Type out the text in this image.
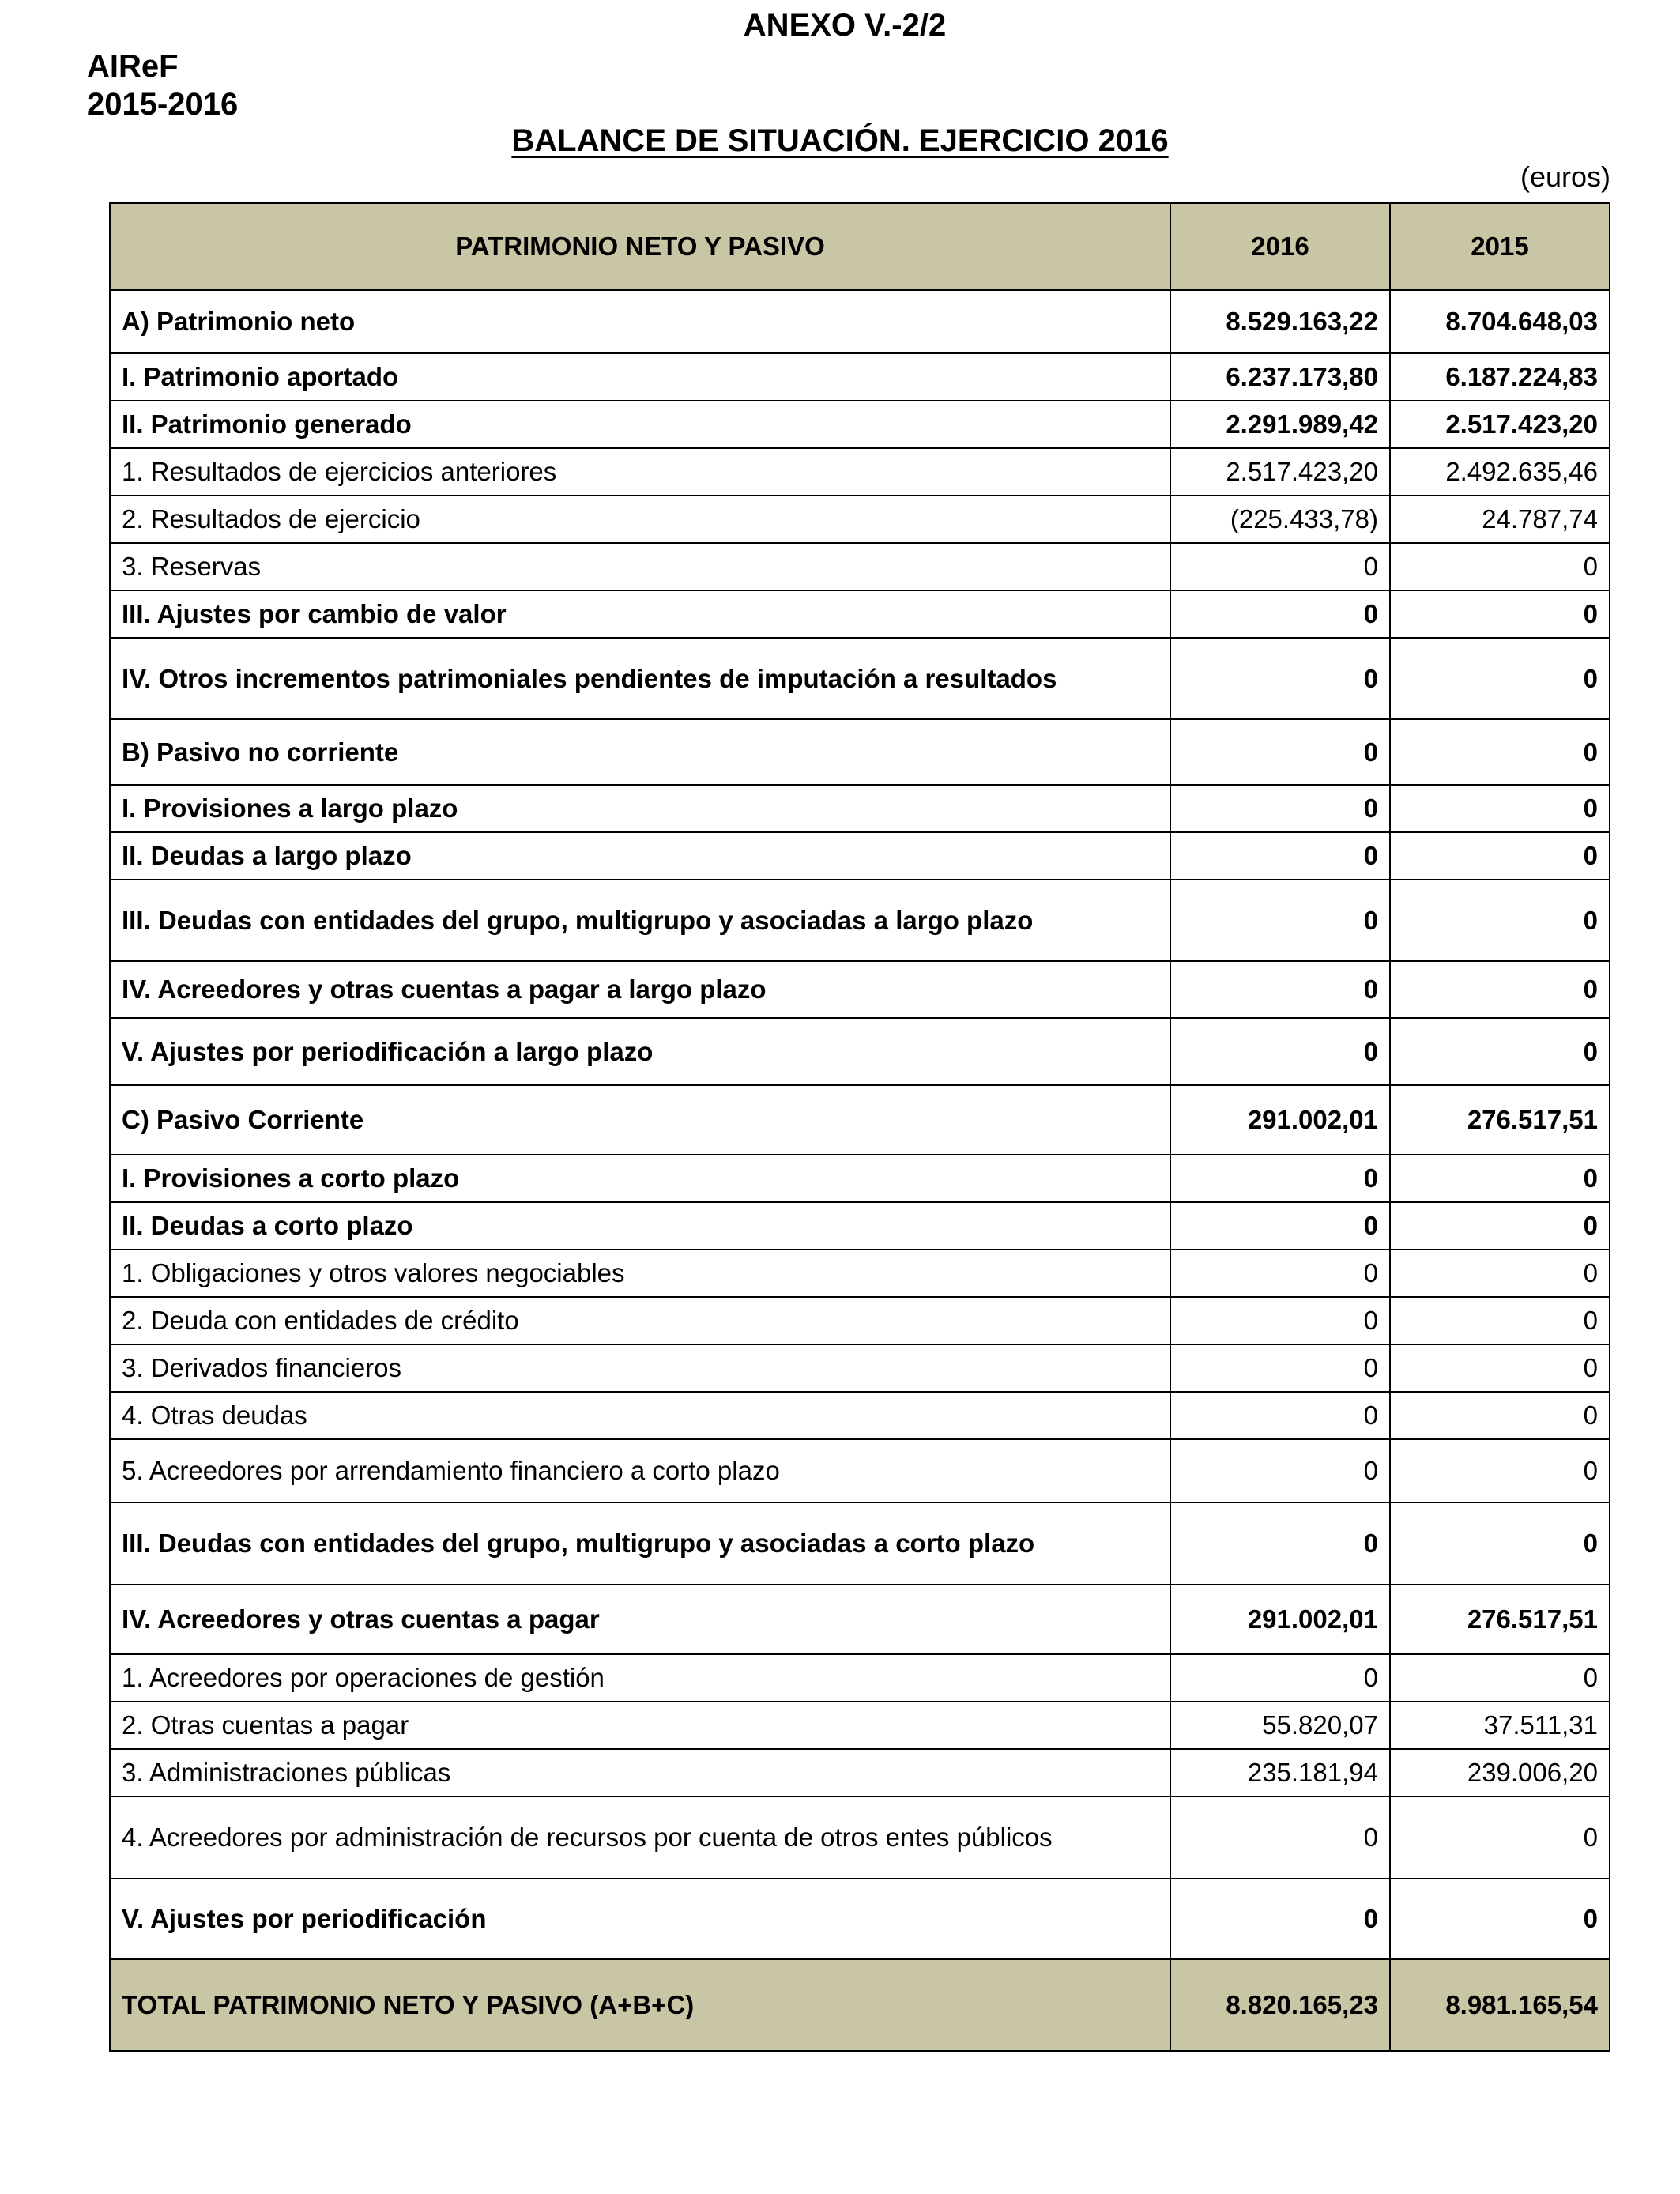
ANEXO V.-2/2
AIReF
2015-2016
BALANCE DE SITUACIÓN. EJERCICIO 2016
(euros)
PATRIMONIO NETO Y PASIVO	2016	2015
A) Patrimonio neto	8.529.163,22	8.704.648,03
I. Patrimonio aportado	6.237.173,80	6.187.224,83
II. Patrimonio generado	2.291.989,42	2.517.423,20
1. Resultados de ejercicios anteriores	2.517.423,20	2.492.635,46
2. Resultados de ejercicio	(225.433,78)	24.787,74
3. Reservas	0	0
III. Ajustes por cambio de valor	0	0
IV. Otros incrementos patrimoniales pendientes de imputación a resultados	0	0
B) Pasivo no corriente	0	0
I. Provisiones a largo plazo	0	0
II. Deudas a largo plazo	0	0
III. Deudas con entidades del grupo, multigrupo y asociadas a largo plazo	0	0
IV. Acreedores y otras cuentas a pagar a largo plazo	0	0
V. Ajustes por periodificación a largo plazo	0	0
C) Pasivo Corriente	291.002,01	276.517,51
I. Provisiones a corto plazo	0	0
II. Deudas a corto plazo	0	0
1. Obligaciones y otros valores negociables	0	0
2. Deuda con entidades de crédito	0	0
3. Derivados financieros	0	0
4. Otras deudas	0	0
5. Acreedores por arrendamiento financiero a corto plazo	0	0
III. Deudas con entidades del grupo, multigrupo y asociadas a corto plazo	0	0
IV. Acreedores y otras cuentas a pagar	291.002,01	276.517,51
1. Acreedores por operaciones de gestión	0	0
2. Otras cuentas a pagar	55.820,07	37.511,31
3. Administraciones públicas	235.181,94	239.006,20
4. Acreedores por administración de recursos por cuenta de otros entes públicos	0	0
V. Ajustes por periodificación	0	0
TOTAL PATRIMONIO NETO Y PASIVO (A+B+C)	8.820.165,23	8.981.165,54
